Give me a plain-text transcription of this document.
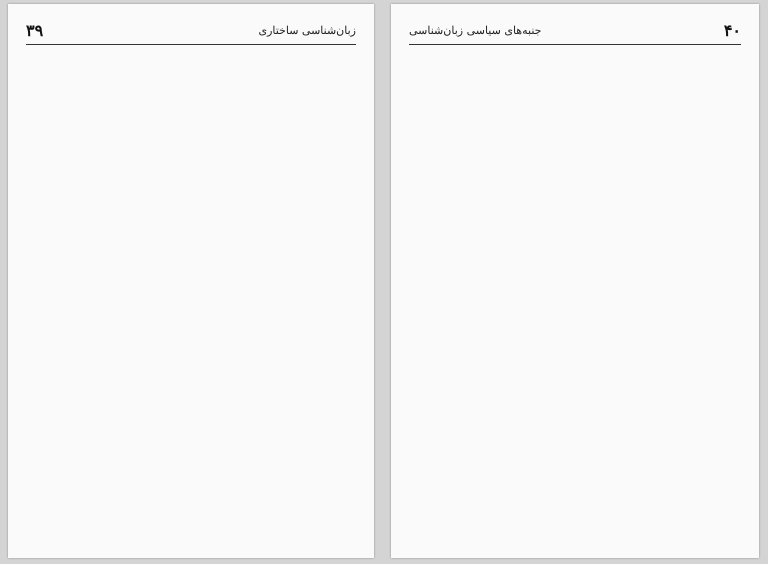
زبان‌شناسی ساختاری
۳۹	۴۰
جنبه‌های سیاسی زبان‌شناسی
